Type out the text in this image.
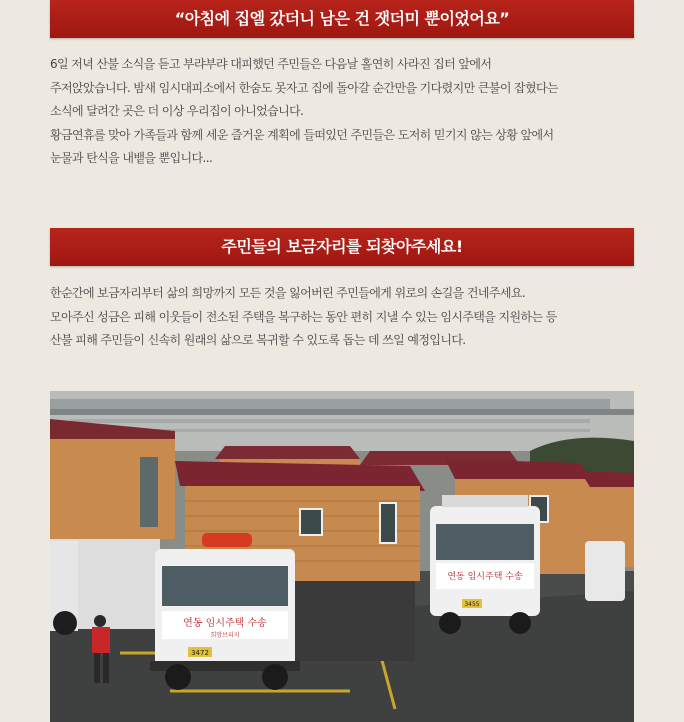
“아침에 집엘 갔더니 남은 건 잿더미 뿐이었어요”

6일 저녁 산불 소식을 듣고 부랴부랴 대피했던 주민들은 다음날 홀연히 사라진 집터 앞에서

주저앉았습니다. 밤새 임시대피소에서 한숨도 못자고 집에 돌아갈 순간만을 기다렸지만 큰불이 잡혔다는

소식에 달려간 곳은 더 이상 우리집이 아니었습니다.

황금연휴를 맞아 가족들과 함께 세운 즐거운 계획에 들떠있던 주민들은 도저히 믿기지 않는 상황 앞에서

눈물과 탄식을 내뱉을 뿐입니다...

주민들의 보금자리를 되찾아주세요!

한순간에 보금자리부터 삶의 희망까지 모든 것을 잃어버린 주민들에게 위로의 손길을 건네주세요.

모아주신 성금은 피해 이웃들이 전소된 주택을 복구하는 동안 편히 지낼 수 있는 임시주택을 지원하는 등

산불 피해 주민들이 신속히 원래의 삶으로 복귀할 수 있도록 돕는 데 쓰일 예정입니다.

연동 임시주택 수송
희망브리지
3472
연동 임시주택 수송
3455
